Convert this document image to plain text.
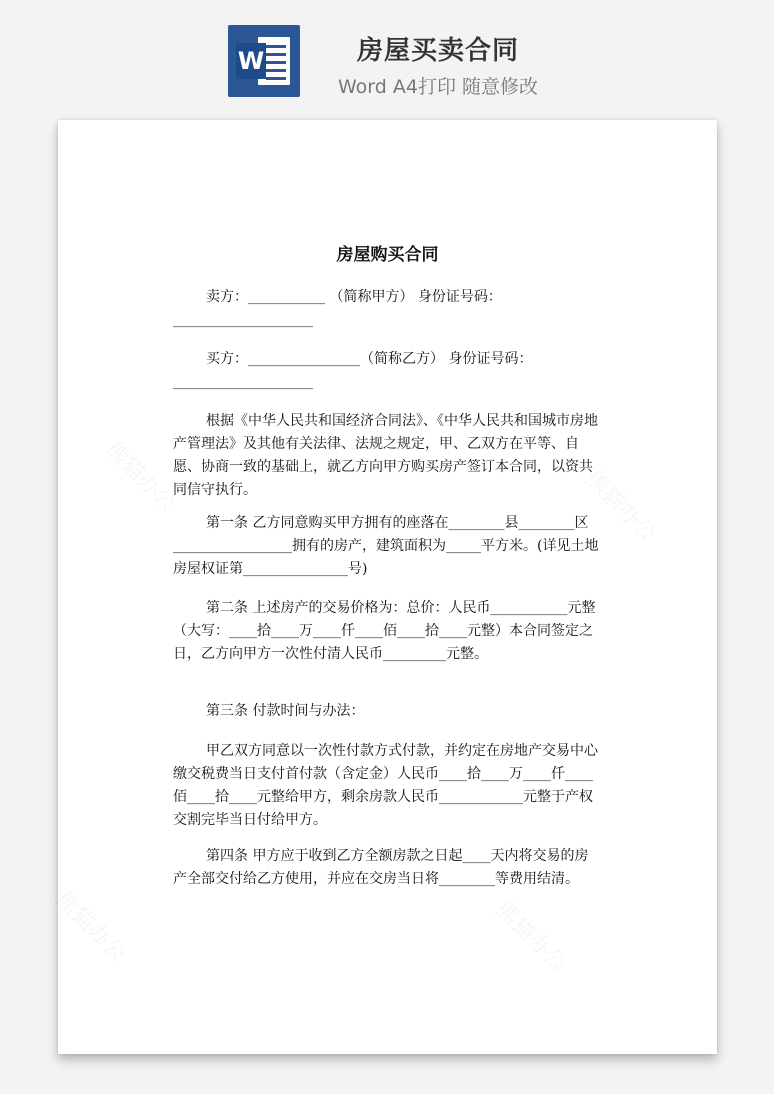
W	房屋买卖合同
Word A4打印 随意修改
房屋购买合同

卖方：___________ （简称甲方） 身份证号码：

____________________

买方：________________（简称乙方） 身份证号码：

____________________

根据《中华人民共和国经济合同法》、《中华人民共和国城市房地产管理法》及其他有关法律、法规之规定，甲、乙双方在平等、自愿、协商一致的基础上，就乙方向甲方购买房产签订本合同，以资共同信守执行。

第一条 乙方同意购买甲方拥有的座落在________县________区_________________拥有的房产，建筑面积为_____平方米。(详见土地房屋权证第_______________号)

第二条 上述房产的交易价格为：总价：人民币___________元整（大写：____拾____万____仟____佰____拾____元整）本合同签定之日，乙方向甲方一次性付清人民币_________元整。

第三条 付款时间与办法：

甲乙双方同意以一次性付款方式付款，并约定在房地产交易中心缴交税费当日支付首付款（含定金）人民币____拾____万____仟____佰____拾____元整给甲方，剩余房款人民币____________元整于产权交割完毕当日付给甲方。

第四条 甲方应于收到乙方全额房款之日起____天内将交易的房产全部交付给乙方使用，并应在交房当日将________等费用结清。
